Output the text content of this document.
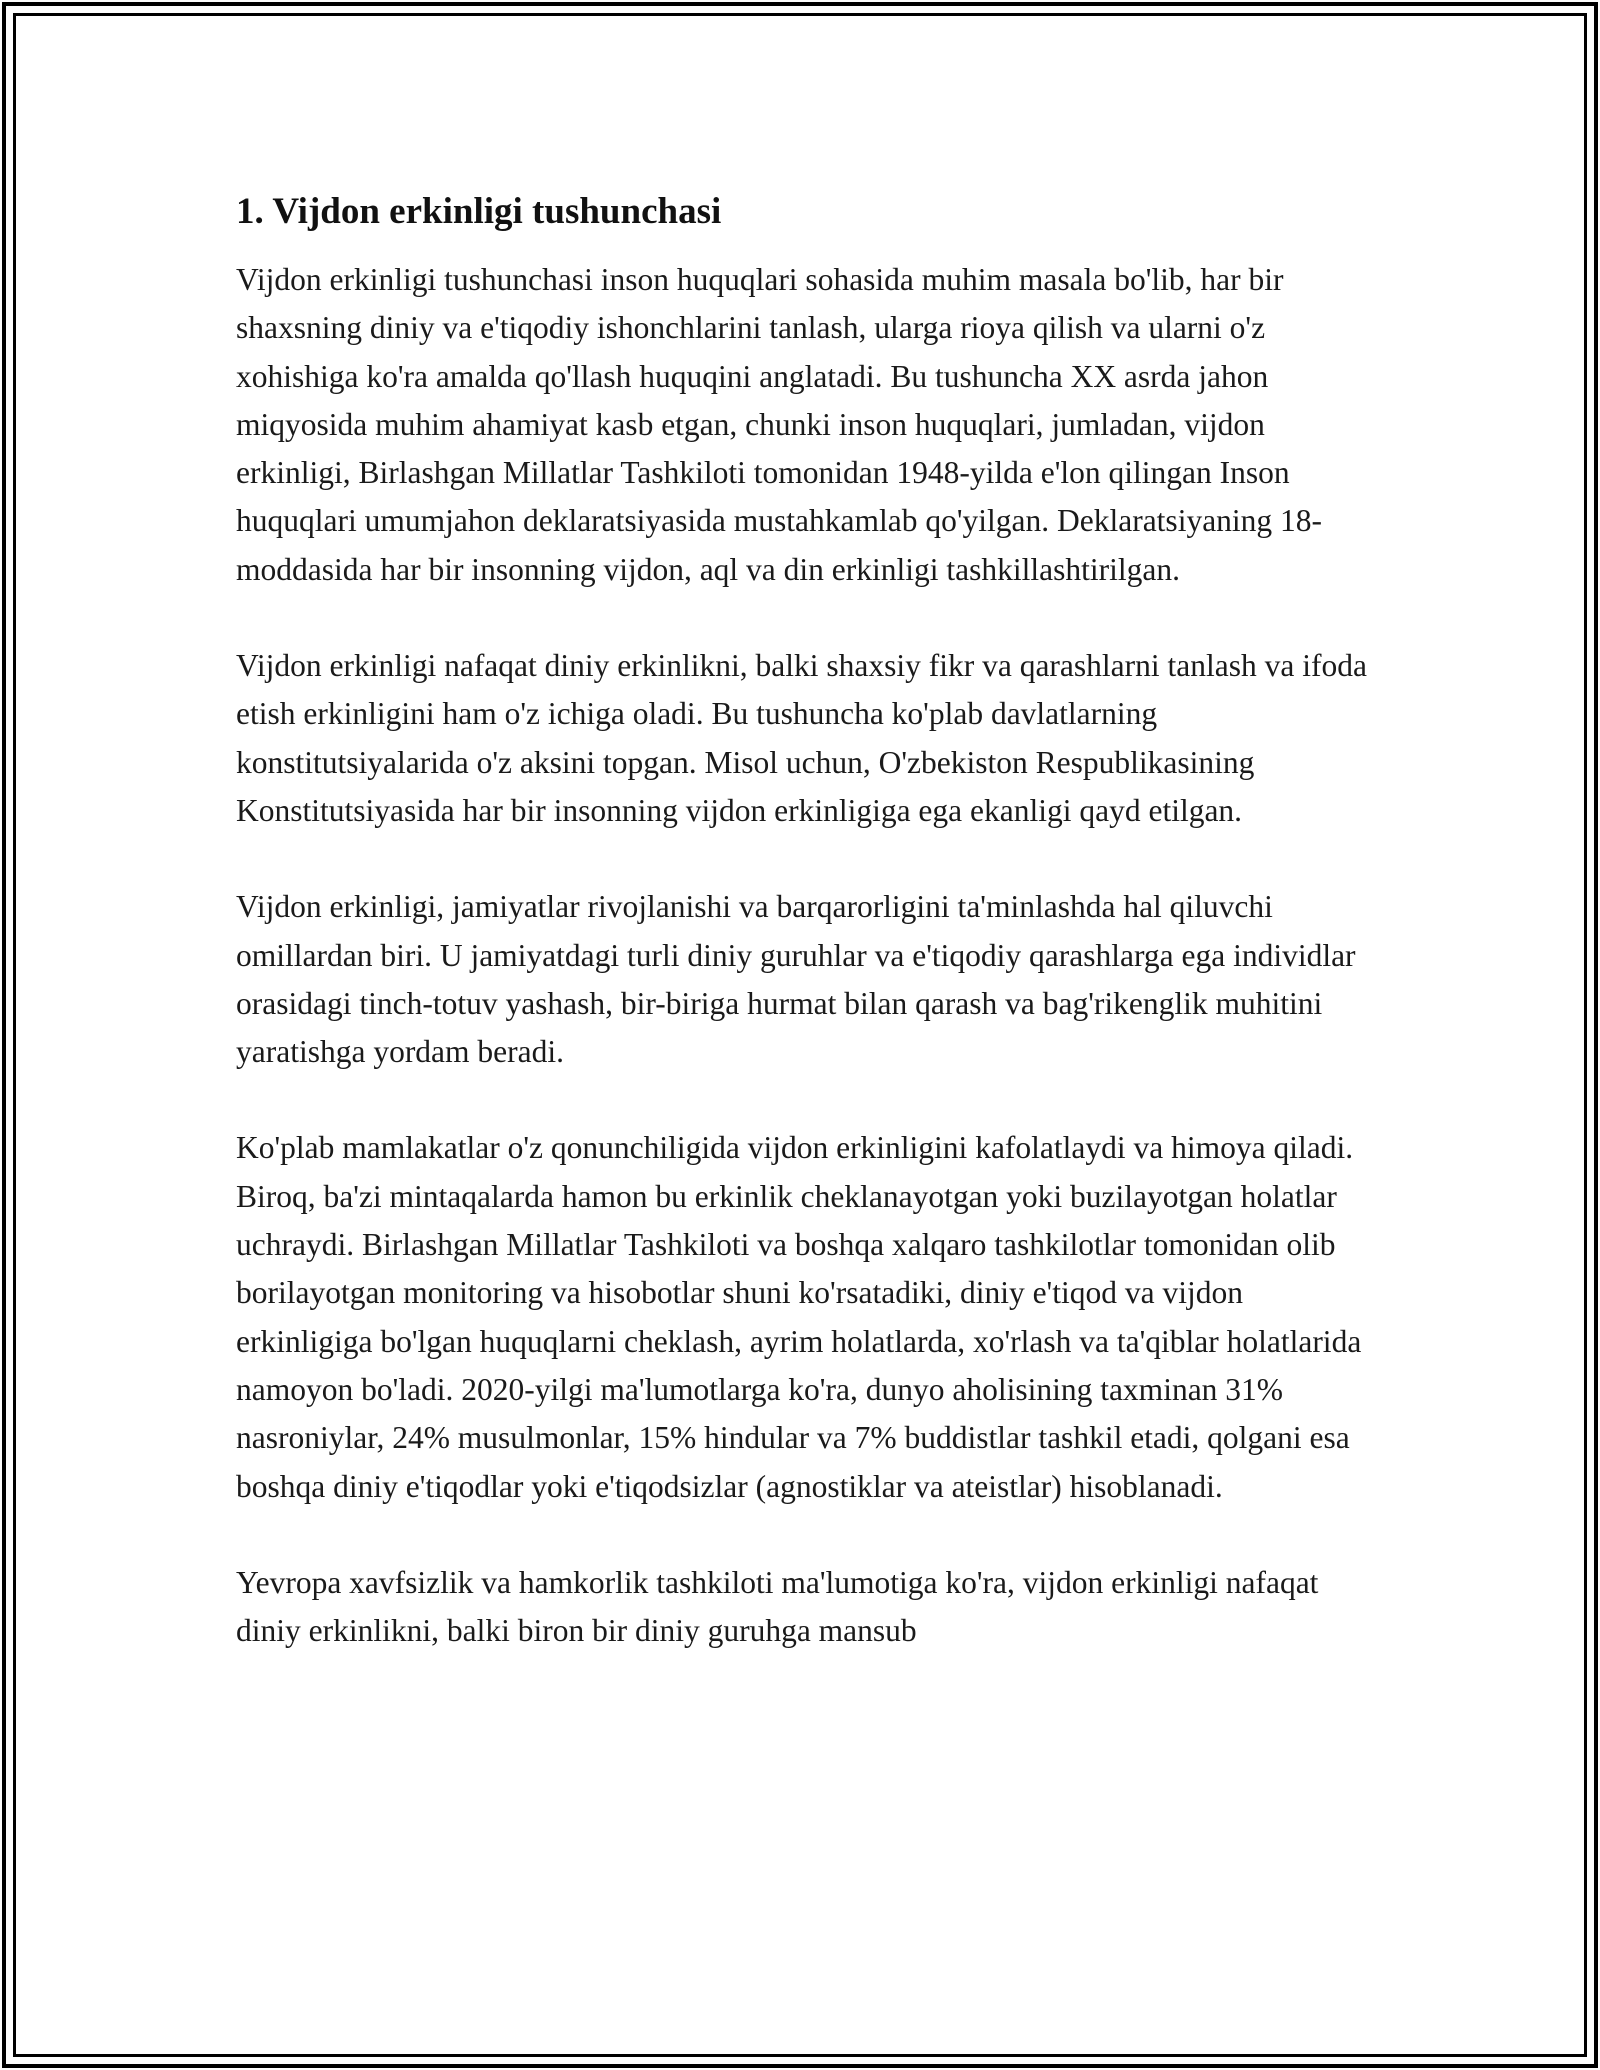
1. Vijdon erkinligi tushunchasi

Vijdon erkinligi tushunchasi inson huquqlari sohasida muhim masala bo'lib, har bir shaxsning diniy va e'tiqodiy ishonchlarini tanlash, ularga rioya qilish va ularni o'z xohishiga ko'ra amalda qo'llash huquqini anglatadi. Bu tushuncha XX asrda jahon miqyosida muhim ahamiyat kasb etgan, chunki inson huquqlari, jumladan, vijdon erkinligi, Birlashgan Millatlar Tashkiloti tomonidan 1948-yilda e'lon qilingan Inson huquqlari umumjahon deklaratsiyasida mustahkamlab qo'yilgan. Deklaratsiyaning 18-moddasida har bir insonning vijdon, aql va din erkinligi tashkillashtirilgan.

Vijdon erkinligi nafaqat diniy erkinlikni, balki shaxsiy fikr va qarashlarni tanlash va ifoda etish erkinligini ham o'z ichiga oladi. Bu tushuncha ko'plab davlatlarning konstitutsiyalarida o'z aksini topgan. Misol uchun, O'zbekiston Respublikasining Konstitutsiyasida har bir insonning vijdon erkinligiga ega ekanligi qayd etilgan.

Vijdon erkinligi, jamiyatlar rivojlanishi va barqarorligini ta'minlashda hal qiluvchi omillardan biri. U jamiyatdagi turli diniy guruhlar va e'tiqodiy qarashlarga ega individlar orasidagi tinch-totuv yashash, bir-biriga hurmat bilan qarash va bag'rikenglik muhitini yaratishga yordam beradi.

Ko'plab mamlakatlar o'z qonunchiligida vijdon erkinligini kafolatlaydi va himoya qiladi. Biroq, ba'zi mintaqalarda hamon bu erkinlik cheklanayotgan yoki buzilayotgan holatlar uchraydi. Birlashgan Millatlar Tashkiloti va boshqa xalqaro tashkilotlar tomonidan olib borilayotgan monitoring va hisobotlar shuni ko'rsatadiki, diniy e'tiqod va vijdon erkinligiga bo'lgan huquqlarni cheklash, ayrim holatlarda, xo'rlash va ta'qiblar holatlarida namoyon bo'ladi. 2020-yilgi ma'lumotlarga ko'ra, dunyo aholisining taxminan 31% nasroniylar, 24% musulmonlar, 15% hindular va 7% buddistlar tashkil etadi, qolgani esa boshqa diniy e'tiqodlar yoki e'tiqodsizlar (agnostiklar va ateistlar) hisoblanadi.

Yevropa xavfsizlik va hamkorlik tashkiloti ma'lumotiga ko'ra, vijdon erkinligi nafaqat diniy erkinlikni, balki biron bir diniy guruhga mansub
